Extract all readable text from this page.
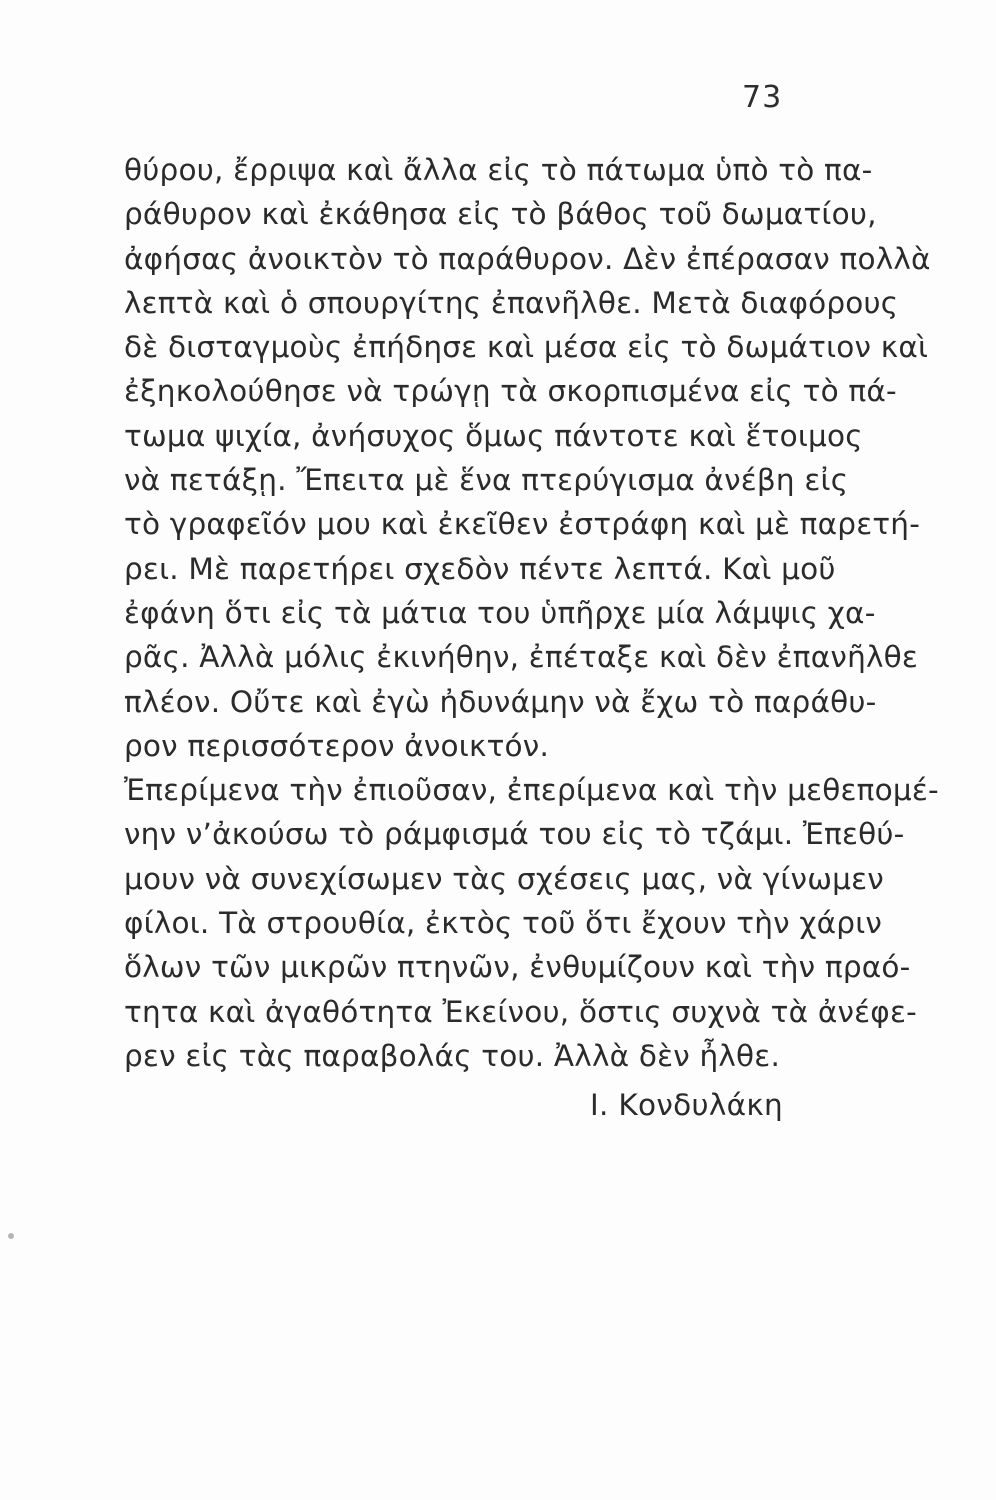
73
θύρου, ἔρριψα καὶ ἄλλα εἰς τὸ πάτωμα ὑπὸ τὸ πα-
ράθυρον καὶ ἐκάθησα εἰς τὸ βάθος τοῦ δωματίου,
ἀφήσας ἀνοικτὸν τὸ παράθυρον. Δὲν ἐπέρασαν πολλὰ
λεπτὰ καὶ ὁ σπουργίτης ἐπανῆλθε. Μετὰ διαφόρους
δὲ δισταγμοὺς ἐπήδησε καὶ μέσα εἰς τὸ δωμάτιον καὶ
ἐξηκολούθησε νὰ τρώγῃ τὰ σκορπισμένα εἰς τὸ πά-
τωμα ψιχία, ἀνήσυχος ὅμως πάντοτε καὶ ἕτοιμος
νὰ πετάξῃ. Ἔπειτα μὲ ἕνα πτερύγισμα ἀνέβη εἰς
τὸ γραφεῖόν μου καὶ ἐκεῖθεν ἐστράφη καὶ μὲ παρετή-
ρει. Μὲ παρετήρει σχεδὸν πέντε λεπτά. Καὶ μοῦ
ἐφάνη ὅτι εἰς τὰ μάτια του ὑπῆρχε μία λάμψις χα-
ρᾶς. Ἀλλὰ μόλις ἐκινήθην, ἐπέταξε καὶ δὲν ἐπανῆλθε
πλέον. Οὔτε καὶ ἐγὼ ἠδυνάμην νὰ ἔχω τὸ παράθυ-
ρον περισσότερον ἀνοικτόν.
Ἐπερίμενα τὴν ἐπιοῦσαν, ἐπερίμενα καὶ τὴν μεθεπομέ-
νην ν’ἀκούσω τὸ ράμφισμά του εἰς τὸ τζάμι. Ἐπεθύ-
μουν νὰ συνεχίσωμεν τὰς σχέσεις μας, νὰ γίνωμεν
φίλοι. Τὰ στρουθία, ἐκτὸς τοῦ ὅτι ἔχουν τὴν χάριν
ὅλων τῶν μικρῶν πτηνῶν, ἐνθυμίζουν καὶ τὴν πραό-
τητα καὶ ἀγαθότητα Ἐκείνου, ὅστις συχνὰ τὰ ἀνέφε-
ρεν εἰς τὰς παραβολάς του. Ἀλλὰ δὲν ἦλθε.
Ι. Κονδυλάκη
